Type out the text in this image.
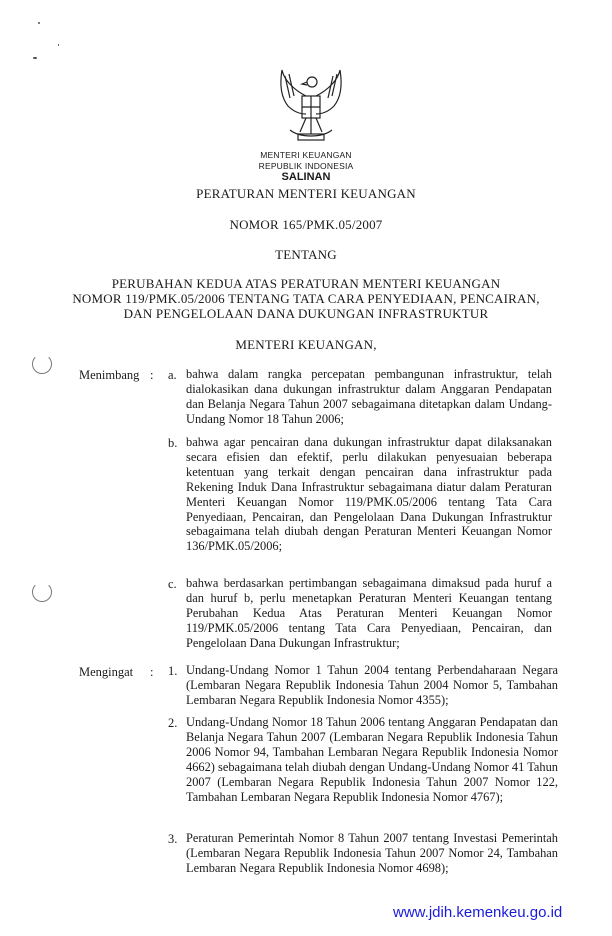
MENTERI KEUANGAN
REPUBLIK INDONESIA
SALINAN
PERATURAN MENTERI KEUANGAN
NOMOR 165/PMK.05/2007
TENTANG
PERUBAHAN KEDUA ATAS PERATURAN MENTERI KEUANGAN
NOMOR 119/PMK.05/2006 TENTANG TATA CARA PENYEDIAAN, PENCAIRAN,
DAN PENGELOLAAN DANA DUKUNGAN INFRASTRUKTUR
MENTERI KEUANGAN,
Menimbang : a. bahwa dalam rangka percepatan pembangunan infrastruktur, telah dialokasikan dana dukungan infrastruktur dalam Anggaran Pendapatan dan Belanja Negara Tahun 2007 sebagaimana ditetapkan dalam Undang-Undang Nomor 18 Tahun 2006;
b. bahwa agar pencairan dana dukungan infrastruktur dapat dilaksanakan secara efisien dan efektif, perlu dilakukan penyesuaian beberapa ketentuan yang terkait dengan pencairan dana infrastruktur pada Rekening Induk Dana Infrastruktur sebagaimana diatur dalam Peraturan Menteri Keuangan Nomor 119/PMK.05/2006 tentang Tata Cara Penyediaan, Pencairan, dan Pengelolaan Dana Dukungan Infrastruktur sebagaimana telah diubah dengan Peraturan Menteri Keuangan Nomor 136/PMK.05/2006;
c. bahwa berdasarkan pertimbangan sebagaimana dimaksud pada huruf a dan huruf b, perlu menetapkan Peraturan Menteri Keuangan tentang Perubahan Kedua Atas Peraturan Menteri Keuangan Nomor 119/PMK.05/2006 tentang Tata Cara Penyediaan, Pencairan, dan Pengelolaan Dana Dukungan Infrastruktur;
Mengingat : 1. Undang-Undang Nomor 1 Tahun 2004 tentang Perbendaharaan Negara (Lembaran Negara Republik Indonesia Tahun 2004 Nomor 5, Tambahan Lembaran Negara Republik Indonesia Nomor 4355);
2. Undang-Undang Nomor 18 Tahun 2006 tentang Anggaran Pendapatan dan Belanja Negara Tahun 2007 (Lembaran Negara Republik Indonesia Tahun 2006 Nomor 94, Tambahan Lembaran Negara Republik Indonesia Nomor 4662) sebagaimana telah diubah dengan Undang-Undang Nomor 41 Tahun 2007 (Lembaran Negara Republik Indonesia Tahun 2007 Nomor 122, Tambahan Lembaran Negara Republik Indonesia Nomor 4767);
3. Peraturan Pemerintah Nomor 8 Tahun 2007 tentang Investasi Pemerintah (Lembaran Negara Republik Indonesia Tahun 2007 Nomor 24, Tambahan Lembaran Negara Republik Indonesia Nomor 4698);
www.jdih.kemenkeu.go.id
